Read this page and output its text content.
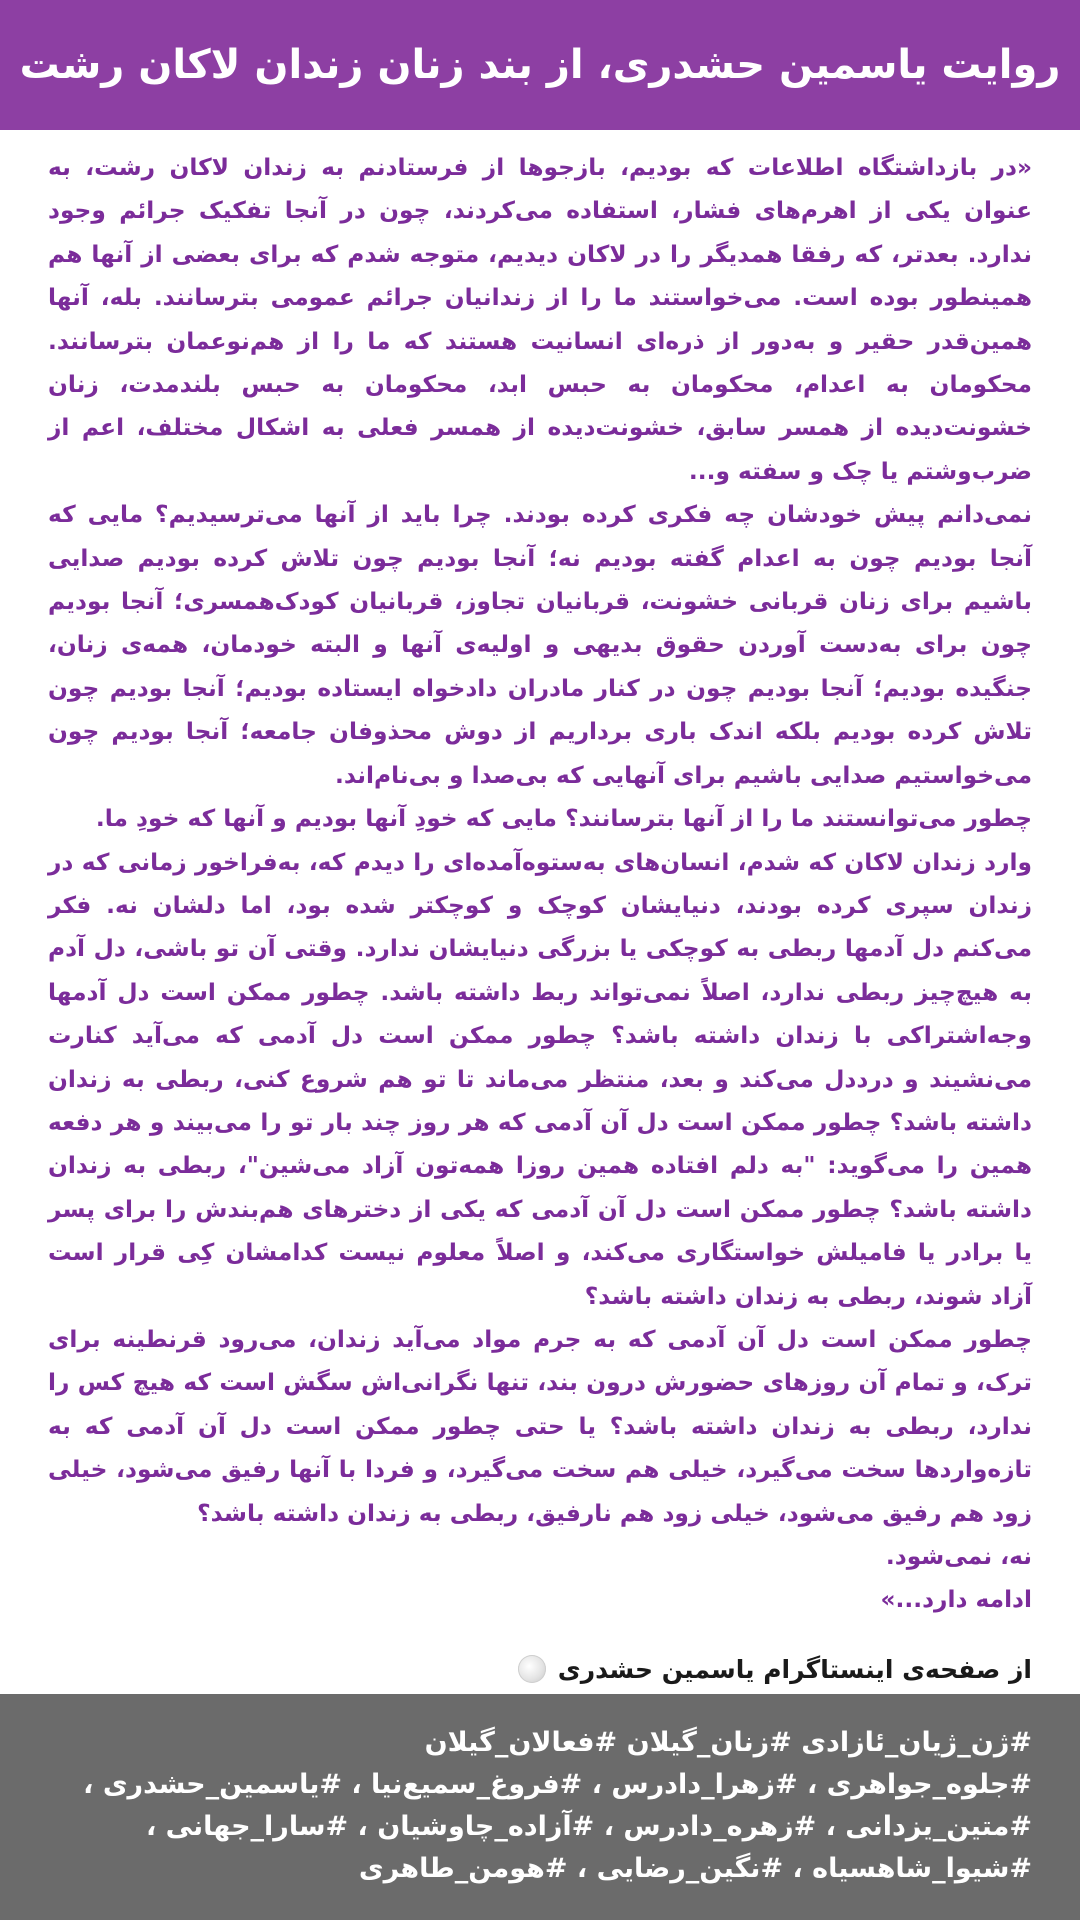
روایت یاسمین حشدری، از بند زنان زندان لاکان رشت

«در بازداشتگاه اطلاعات که بودیم، بازجوها از فرستادنم به زندان لاکان رشت، به عنوان یکی از اهرم‌های فشار، استفاده می‌کردند، چون در آنجا تفکیک جرائم وجود ندارد. بعدتر، که رفقا همدیگر را در لاکان دیدیم، متوجه شدم که برای بعضی از آنها هم همینطور بوده است. می‌خواستند ما را از زندانیان جرائم عمومی بترسانند. بله، آنها همین‌قدر حقیر و به‌دور از ذره‌ای انسانیت هستند که ما را از هم‌نوعمان بترسانند. محکومان به اعدام، محکومان به حبس ابد، محکومان به حبس بلندمدت، زنان خشونت‌دیده از همسر سابق، خشونت‌دیده از همسر فعلی به اشکال مختلف، اعم از ضرب‌وشتم یا چک و سفته و...

نمی‌دانم پیش خودشان چه فکری کرده بودند. چرا باید از آنها می‌ترسیدیم؟ مایی که آنجا بودیم چون به اعدام گفته بودیم نه؛ آنجا بودیم چون تلاش کرده بودیم صدایی باشیم برای زنان قربانی خشونت، قربانیان تجاوز، قربانیان کودک‌همسری؛ آنجا بودیم چون برای به‌دست آوردن حقوق بدیهی و اولیه‌ی آنها و البته خودمان، همه‌ی زنان، جنگیده بودیم؛ آنجا بودیم چون در کنار مادران دادخواه ایستاده بودیم؛ آنجا بودیم چون تلاش کرده بودیم بلکه اندک باری برداریم از دوش محذوفان جامعه؛ آنجا بودیم چون می‌خواستیم صدایی باشیم برای آنهایی که بی‌صدا و بی‌نام‌اند.

چطور می‌توانستند ما را از آنها بترسانند؟ مایی که خودِ آنها بودیم و آنها که خودِ ما.

وارد زندان لاکان که شدم، انسان‌های به‌ستوه‌آمده‌ای را دیدم که، به‌فراخور زمانی که در زندان سپری کرده بودند، دنیایشان کوچک و کوچکتر شده بود، اما دلشان نه. فکر می‌کنم دل آدمها ربطی به کوچکی یا بزرگی دنیایشان ندارد. وقتی آن تو باشی، دل آدم به هیچ‌چیز ربطی ندارد، اصلاً نمی‌تواند ربط داشته باشد. چطور ممکن است دل آدمها وجه‌اشتراکی با زندان داشته باشد؟ چطور ممکن است دل آدمی که می‌آید کنارت می‌نشیند و درددل می‌کند و بعد، منتظر می‌ماند تا تو هم شروع کنی، ربطی به زندان داشته باشد؟ چطور ممکن است دل آن آدمی که هر روز چند بار تو را می‌بیند و هر دفعه همین را می‌گوید: "به دلم افتاده همین روزا همه‌تون آزاد می‌شین"، ربطی به زندان داشته باشد؟ چطور ممکن است دل آن آدمی که یکی از دخترهای هم‌بندش را برای پسر یا برادر یا فامیلش خواستگاری می‌کند، و اصلاً معلوم نیست کدامشان کِی قرار است آزاد شوند، ربطی به زندان داشته باشد؟

چطور ممکن است دل آن آدمی که به جرم مواد می‌آید زندان، می‌رود قرنطینه برای ترک، و تمام آن روزهای حضورش درون بند، تنها نگرانی‌اش سگش است که هیچ کس را ندارد، ربطی به زندان داشته باشد؟ یا حتی چطور ممکن است دل آن آدمی که به تازه‌واردها سخت می‌گیرد، خیلی هم سخت می‌گیرد، و فردا با آنها رفیق می‌شود، خیلی زود هم رفیق می‌شود، خیلی زود هم نارفیق، ربطی به زندان داشته باشد؟

نه، نمی‌شود.

ادامه دارد...»

از صفحه‌ی اینستاگرام یاسمین حشدری
#ژن_ژیان_ئازادی #زنان_گیلان #فعالان_گیلان
#جلوه_جواهری ، #زهرا_دادرس ، #فروغ_سمیع‌نیا ، #یاسمین_حشدری ،
#متین_یزدانی ، #زهره_دادرس ، #آزاده_چاوشیان ، #سارا_جهانی ،
#شیوا_شاهسیاه ، #نگین_رضایی ، #هومن_طاهری
